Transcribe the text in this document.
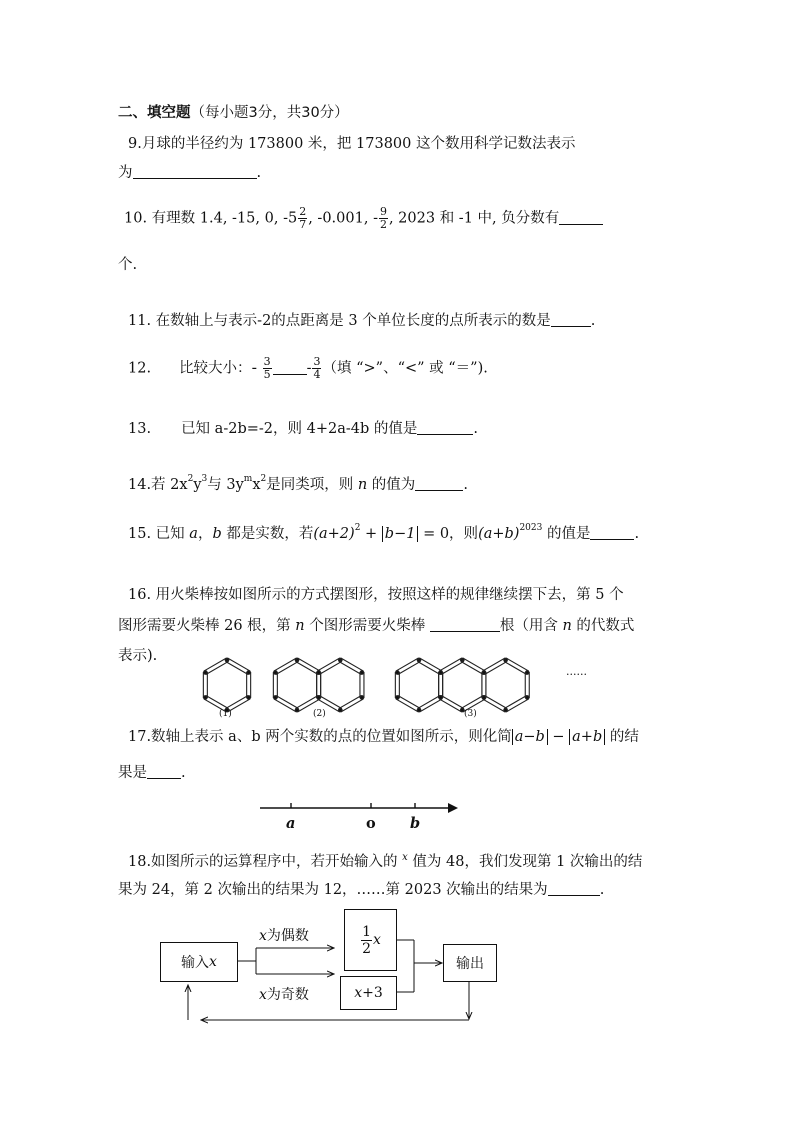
二、填空题（每小题3分，共30分）
9.月球的半径约为 173800 米，把 173800 这个数用科学记数法表示
为	.
10. 有理数 1.4, -15, 0, $-5 \frac{2}{7}$ , -0.001, - $\frac{9}{2}$ , 2023 和 -1 中, 负分数有
个.
11. 在数轴上与表示-2的点距离是 3 个单位长度的点所表示的数是	.
12. 比较大小：- $\frac{3}{5} - \frac{3}{4}$ （填 “>”、“<” 或 “＝”).
13. 已知 a-2b=-2，则 4+2a-4b 的值是	.
14.若 $2x^2y^3$与 $3y^mx^2$是同类项，则 n 的值为	.
15. 已知 a，b 都是实数，若$(a+2)^2 + b-1 = 0$，则$(a+b)^{2023}$ 的值是	.
16. 用火柴棒按如图所示的方式摆图形，按照这样的规律继续摆下去，第 5 个
图形需要火柴棒 26 根，第 n 个图形需要火柴棒	根（用含 n 的代数式
表示).
(1)	(2)	(3)
......
17.数轴上表示 a、b 两个实数的点的位置如图所示，则化简 a−b − a+b 的结
果是 .
a	o b
18.如图所示的运算程序中，若开始输入的 $^x$ 值为 48，我们发现第 1 次输出的结
果为 24，第 2 次输出的结果为 12，……第 2023 次输出的结果为	.
输入 x
x为偶数
x为奇数
$\frac{1}{2}$ x
x +3
输出
